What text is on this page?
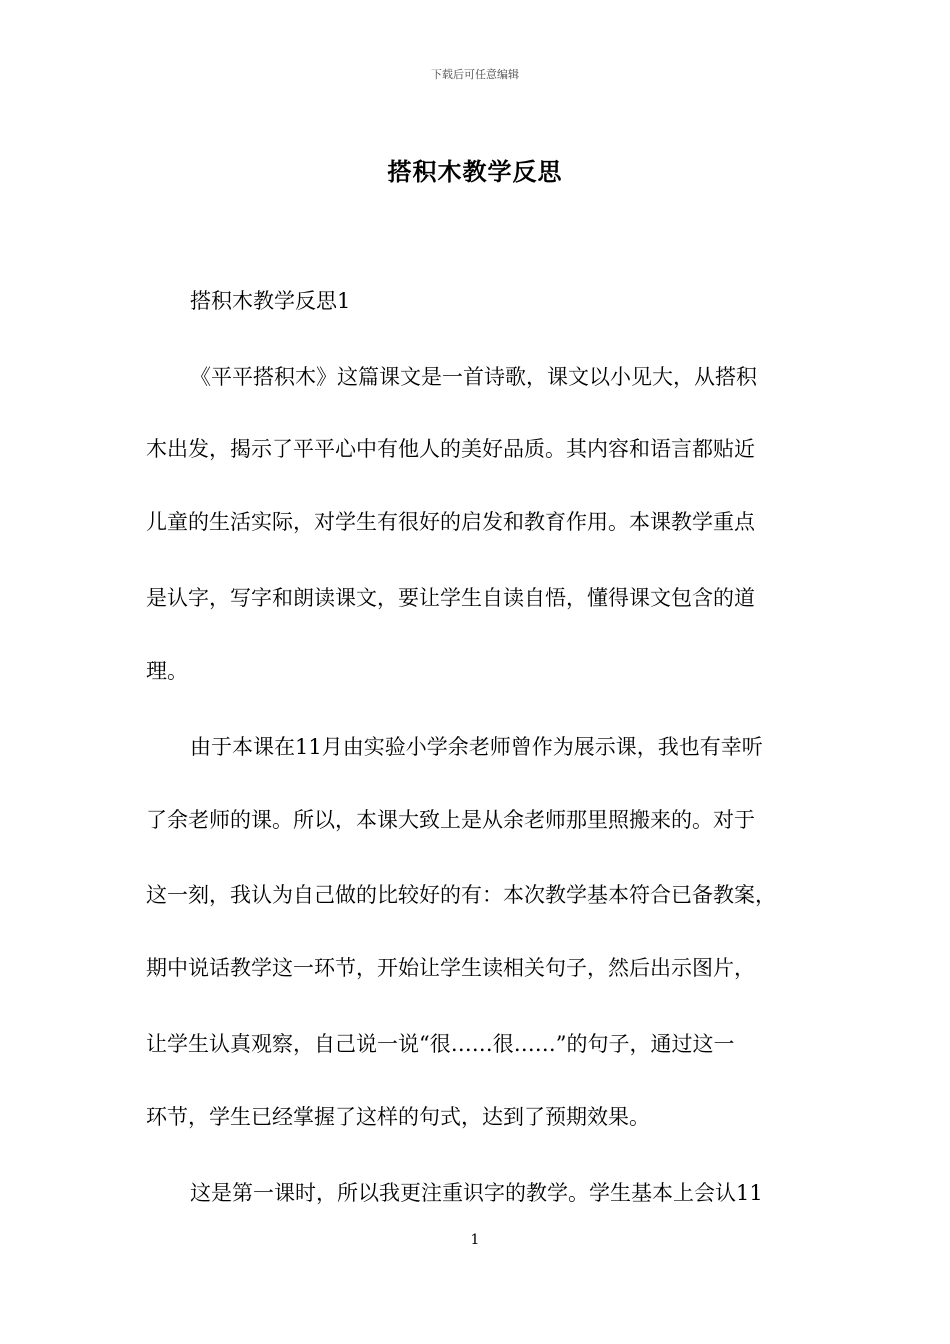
下载后可任意编辑
搭积木教学反思
搭积木教学反思1
《平平搭积木》这篇课文是一首诗歌，课文以小见大，从搭积
木出发，揭示了平平心中有他人的美好品质。其内容和语言都贴近
儿童的生活实际，对学生有很好的启发和教育作用。本课教学重点
是认字，写字和朗读课文，要让学生自读自悟，懂得课文包含的道
理。
由于本课在11月由实验小学余老师曾作为展示课，我也有幸听
了余老师的课。所以，本课大致上是从余老师那里照搬来的。对于
这一刻，我认为自己做的比较好的有：本次教学基本符合已备教案，
期中说话教学这一环节，开始让学生读相关句子，然后出示图片，
让学生认真观察，自己说一说“很……很……”的句子，通过这一
环节，学生已经掌握了这样的句式，达到了预期效果。
这是第一课时，所以我更注重识字的教学。学生基本上会认11
1
